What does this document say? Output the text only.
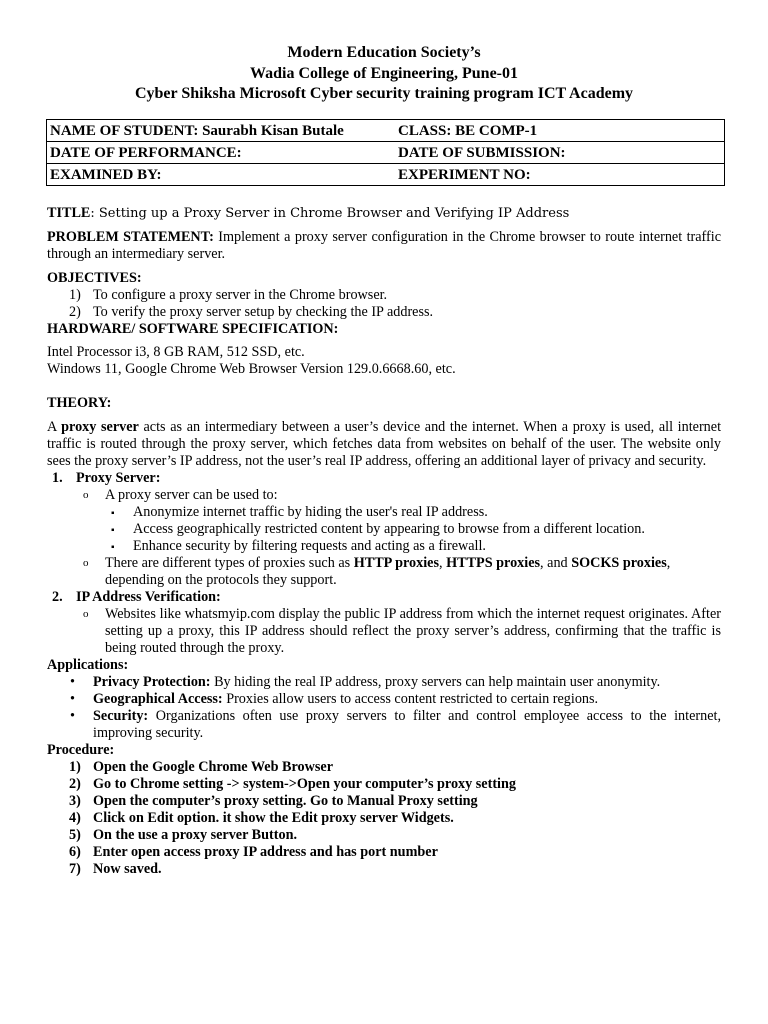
Modern Education Society’s
Wadia College of Engineering, Pune-01
Cyber Shiksha Microsoft Cyber security training program ICT Academy
NAME OF STUDENT: Saurabh Kisan Butale	CLASS: BE COMP-1
DATE OF PERFORMANCE:	DATE OF SUBMISSION:
EXAMINED BY:	EXPERIMENT NO:

TITLE: Setting up a Proxy Server in Chrome Browser and Verifying IP Address

PROBLEM STATEMENT: Implement a proxy server configuration in the Chrome browser to route internet traffic through an intermediary server.

OBJECTIVES:

1) To configure a proxy server in the Chrome browser.
2) To verify the proxy server setup by checking the IP address.

HARDWARE/ SOFTWARE SPECIFICATION:

Intel Processor i3, 8 GB RAM, 512 SSD, etc.

Windows 11, Google Chrome Web Browser Version 129.0.6668.60, etc.

THEORY:

A proxy server acts as an intermediary between a user’s device and the internet. When a proxy is used, all internet traffic is routed through the proxy server, which fetches data from websites on behalf of the user. The website only sees the proxy server’s IP address, not the user’s real IP address, offering an additional layer of privacy and security.

1. Proxy Server:
o A proxy server can be used to:
▪ Anonymize internet traffic by hiding the user's real IP address.
▪ Access geographically restricted content by appearing to browse from a different location.
▪ Enhance security by filtering requests and acting as a firewall.
o There are different types of proxies such as HTTP proxies, HTTPS proxies, and SOCKS proxies, depending on the protocols they support.
2. IP Address Verification:
o Websites like whatsmyip.com display the public IP address from which the internet request originates. After setting up a proxy, this IP address should reflect the proxy server’s address, confirming that the traffic is being routed through the proxy.

Applications:

• Privacy Protection: By hiding the real IP address, proxy servers can help maintain user anonymity.
• Geographical Access: Proxies allow users to access content restricted to certain regions.
• Security: Organizations often use proxy servers to filter and control employee access to the internet, improving security.

Procedure:

1) Open the Google Chrome Web Browser
2) Go to Chrome setting -> system->Open your computer’s proxy setting
3) Open the computer’s proxy setting. Go to Manual Proxy setting
4) Click on Edit option. it show the Edit proxy server Widgets.
5) On the use a proxy server Button.
6) Enter open access proxy IP address and has port number
7) Now saved.
